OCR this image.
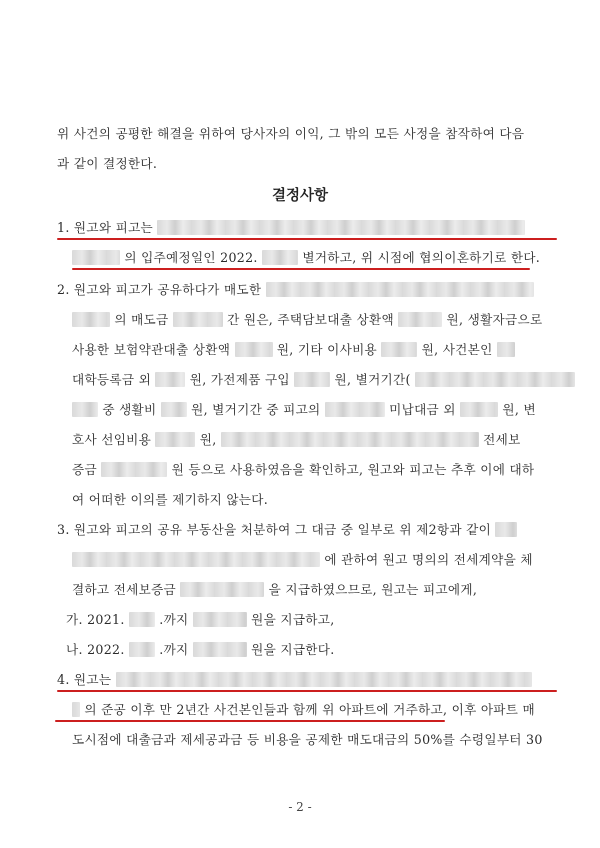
위 사건의 공평한 해결을 위하여 당사자의 이익, 그 밖의 모든 사정을 참작하여 다음
과 같이 결정한다.
결정사항
1. 원고와 피고는
의 입주예정일인 2022.	별거하고, 위 시점에 협의이혼하기로 한다.
2. 원고와 피고가 공유하다가 매도한
의 매도금	간 원은, 주택담보대출 상환액	원, 생활자금으로
사용한 보험약관대출 상환액	원, 기타 이사비용	원, 사건본인
대학등록금 외	원, 가전제품 구입	원, 별거기간(
중 생활비	원, 별거기간 중 피고의	미납대금 외	원, 변
호사 선임비용	원,	전세보
증금	원 등으로 사용하였음을 확인하고, 원고와 피고는 추후 이에 대하
여 어떠한 이의를 제기하지 않는다.
3. 원고와 피고의 공유 부동산을 처분하여 그 대금 중 일부로 위 제2항과 같이
에 관하여 원고 명의의 전세계약을 체
결하고 전세보증금	을 지급하였으므로, 원고는 피고에게,
가. 2021.	.까지	원을 지급하고,
나. 2022.	.까지	원을 지급한다.
4. 원고는
의 준공 이후 만 2년간 사건본인들과 함께 위 아파트에 거주하고, 이후 아파트 매
도시점에 대출금과 제세공과금 등 비용을 공제한 매도대금의 50%를 수령일부터 30
- 2 -
